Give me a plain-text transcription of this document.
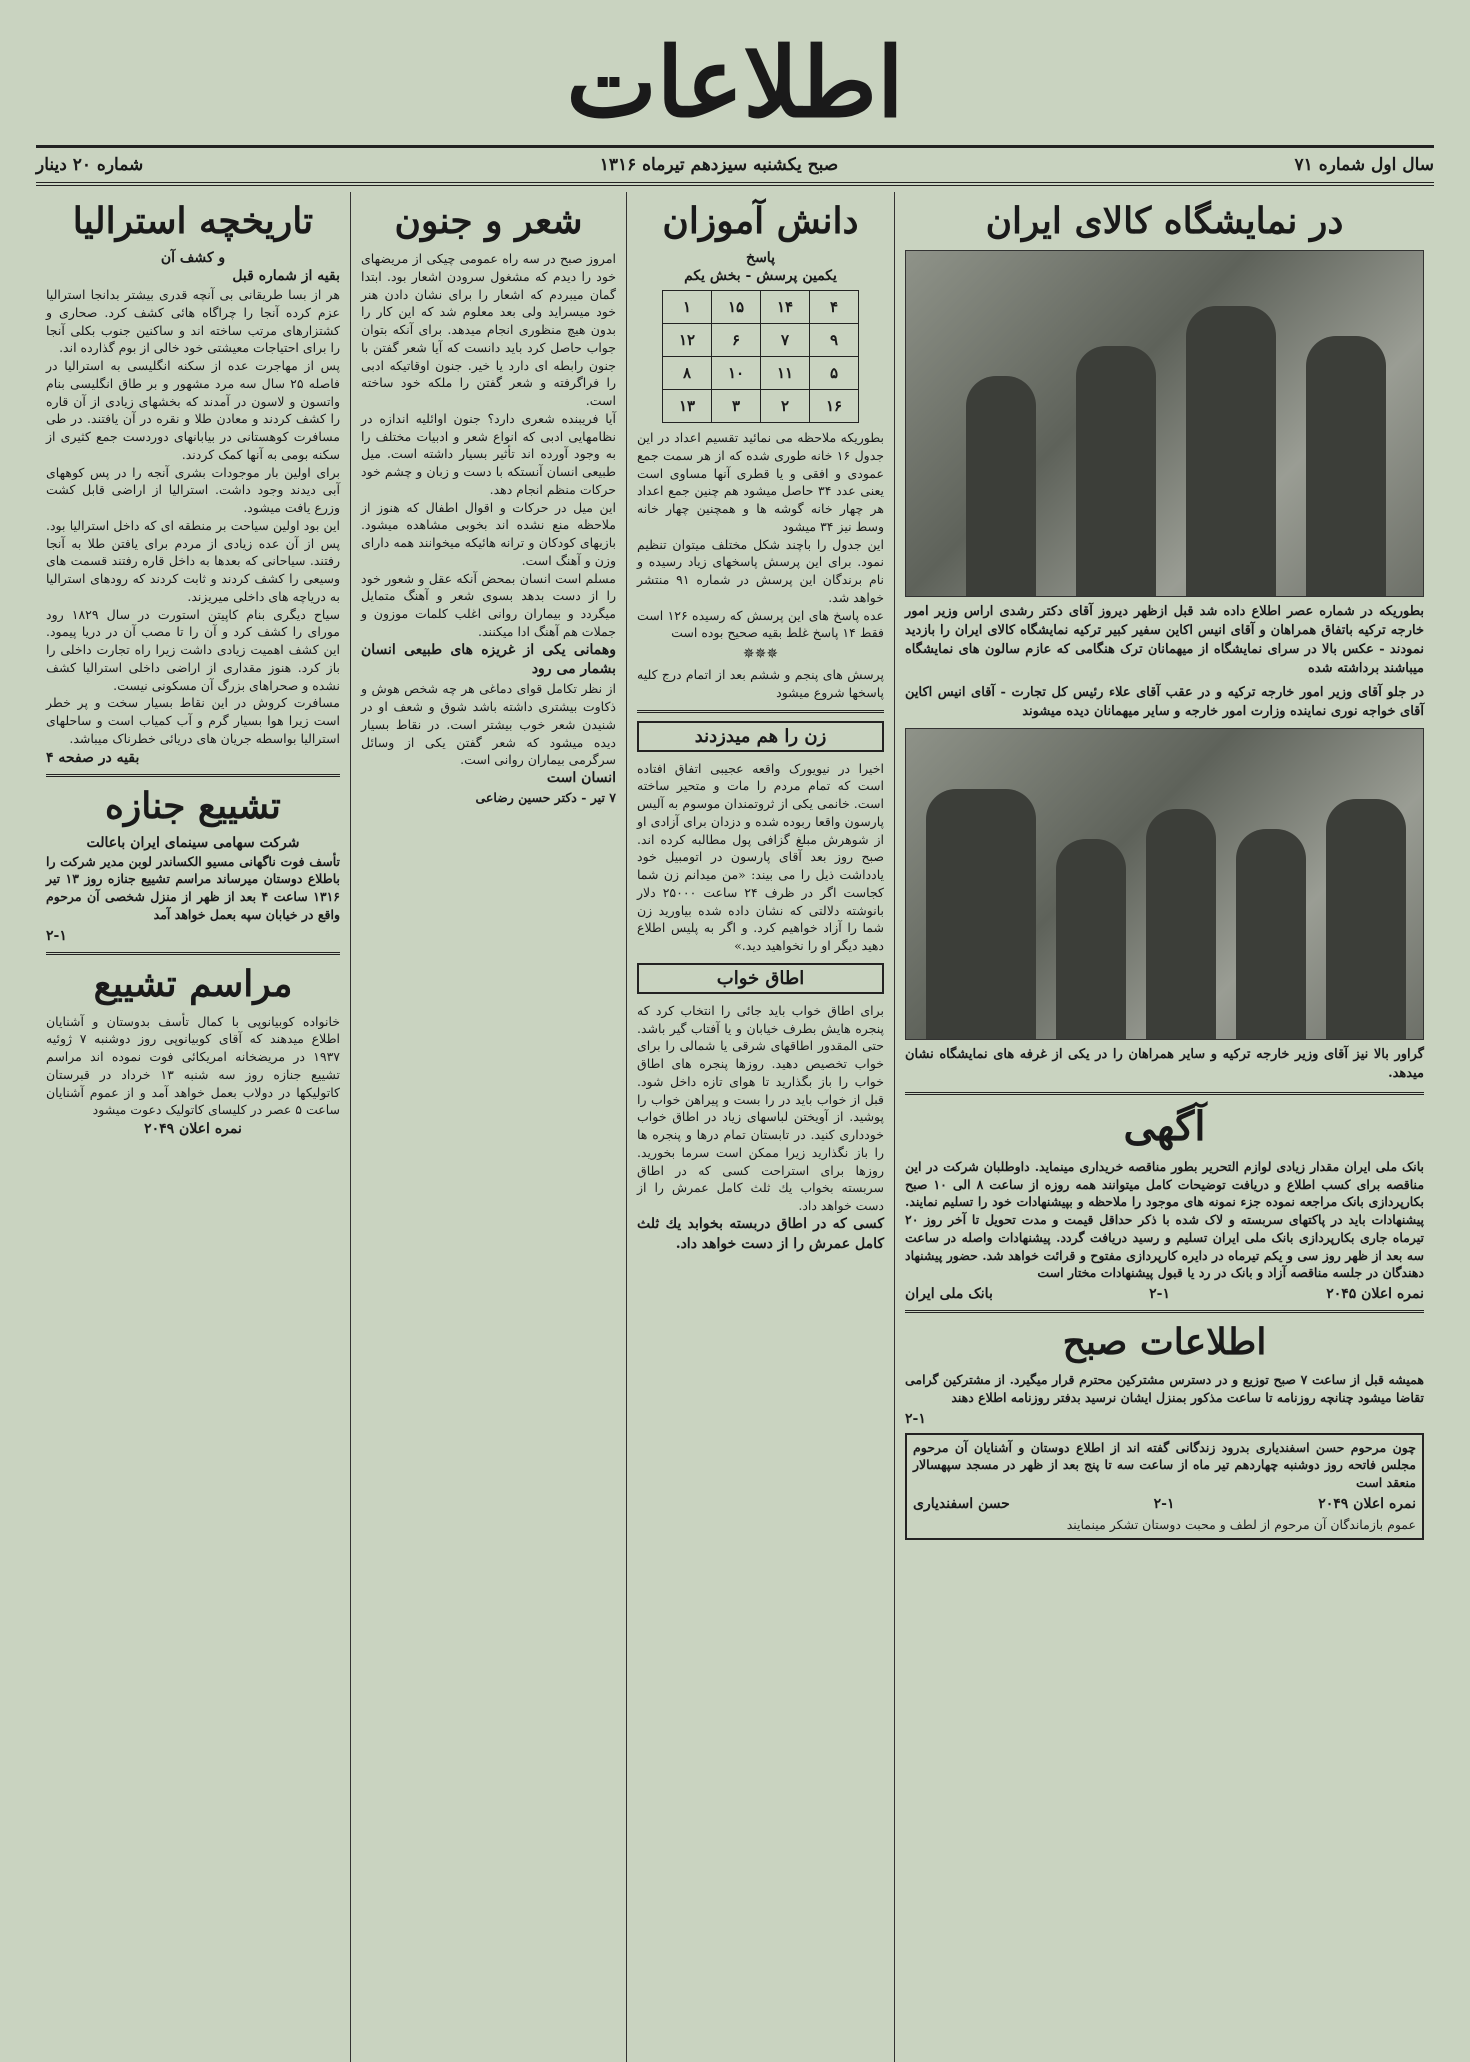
اطلاعات
سال اول شماره ۷۱
صبح یکشنبه سیزدهم تیرماه ۱۳۱۶
شماره ۲۰ دینار
در نمایشگاه کالای ایران

بطوریکه در شماره عصر اطلاع داده شد قبل ازظهر دیروز آقای دکتر رشدی اراس وزیر امور خارجه ترکیه باتفاق همراهان و آقای انیس اکاین سفیر کبیر ترکیه نمایشگاه کالای ایران را بازدید نمودند - عکس بالا در سرای نمایشگاه از میهمانان ترک هنگامی که عازم سالون های نمایشگاه میباشند برداشته شده

در جلو آقای وزیر امور خارجه ترکیه و در عقب آقای علاء رئیس کل تجارت - آقای انیس اکاین آقای خواجه نوری نماینده وزارت امور خارجه و سایر میهمانان دیده میشوند

گراور بالا نیز آقای وزیر خارجه ترکیه و سایر همراهان را در یکی از غرفه های نمایشگاه نشان میدهد.

آگهی

بانک ملی ایران مقدار زیادی لوازم التحریر بطور مناقصه خریداری مینماید. داوطلبان شرکت در این مناقصه برای کسب اطلاع و دریافت توضیحات کامل میتوانند همه روزه از ساعت ۸ الی ۱۰ صبح بکارپردازی بانک مراجعه نموده جزء نمونه های موجود را ملاحظه و بپیشنهادات خود را تسلیم نمایند. پیشنهادات باید در پاکتهای سربسته و لاک شده با ذکر حداقل قیمت و مدت تحویل تا آخر روز ۲۰ تیرماه جاری بکارپردازی بانک ملی ایران تسلیم و رسید دریافت گردد. پیشنهادات واصله در ساعت سه بعد از ظهر روز سی و یکم تیرماه در دایره کارپردازی مفتوح و قرائت خواهد شد. حضور پیشنهاد دهندگان در جلسه مناقصه آزاد و بانک در رد یا قبول پیشنهادات مختار است

نمره اعلان ۲۰۴۵
۲-۱
بانک ملی ایران
اطلاعات صبح

همیشه قبل از ساعت ۷ صبح توزیع و در دسترس مشترکین محترم قرار میگیرد. از مشترکین گرامی تقاضا میشود چنانچه روزنامه تا ساعت مذکور بمنزل ایشان نرسید بدفتر روزنامه اطلاع دهند

۲-۱

چون مرحوم حسن اسفندیاری بدرود زندگانی گفته اند از اطلاع دوستان و آشنایان آن مرحوم مجلس فاتحه روز دوشنبه چهاردهم تیر ماه از ساعت سه تا پنج بعد از ظهر در مسجد سپهسالار منعقد است

نمره اعلان ۲۰۴۹
۲-۱
حسن اسفندیاری

عموم بازماندگان آن مرحوم از لطف و محبت دوستان تشکر مینمایند

دانش آموزان
پاسخ
یکمین پرسش - بخش یکم
۴	۱۴	۱۵	۱
۹	۷	۶	۱۲
۵	۱۱	۱۰	۸
۱۶	۲	۳	۱۳

بطوریکه ملاحظه می نمائید تقسیم اعداد در این جدول ۱۶ خانه طوری شده که از هر سمت جمع عمودی و افقی و یا قطری آنها مساوی است یعنی عدد ۳۴ حاصل میشود هم چنین جمع اعداد هر چهار خانه گوشه ها و همچنین چهار خانه وسط نیز ۳۴ میشود

این جدول را باچند شکل مختلف میتوان تنظیم نمود. برای این پرسش پاسخهای زیاد رسیده و نام برندگان این پرسش در شماره ۹۱ منتشر خواهد شد.

عده پاسخ های این پرسش که رسیده ۱۲۶ است فقط ۱۴ پاسخ غلط بقیه صحیح بوده است

✵✵✵

پرسش های پنجم و ششم بعد از اتمام درج کلیه پاسخها شروع میشود

زن را هم میدزدند

اخیرا در نیویورک واقعه عجیبی اتفاق افتاده است که تمام مردم را مات و متحیر ساخته است. خانمی یکی از ثروتمندان موسوم به آلیس پارسون واقعا ربوده شده و دزدان برای آزادی او از شوهرش مبلغ گزافی پول مطالبه کرده اند. صبح روز بعد آقای پارسون در اتومبیل خود یادداشت ذیل را می بیند: «من میدانم زن شما کجاست اگر در ظرف ۲۴ ساعت ۲۵۰۰۰ دلار بانوشته دلالتی که نشان داده شده بیاورید زن شما را آزاد خواهیم کرد. و اگر به پلیس اطلاع دهید دیگر او را نخواهید دید.»

اطاق خواب

برای اطاق خواب باید جائی را انتخاب کرد که پنجره هایش بطرف خیابان و یا آفتاب گیر باشد. حتی المقدور اطاقهای شرقی یا شمالی را برای خواب تخصیص دهید. روزها پنجره های اطاق خواب را باز بگذارید تا هوای تازه داخل شود. قبل از خواب باید در را بست و پیراهن خواب را پوشید. از آویختن لباسهای زیاد در اطاق خواب خودداری کنید. در تابستان تمام درها و پنجره ها را باز نگذارید زیرا ممکن است سرما بخورید. روزها برای استراحت کسی که در اطاق سربسته بخواب یك ثلث کامل عمرش را از دست خواهد داد.

کسی که در اطاق دربسته بخوابد یك ثلث کامل عمرش را از دست خواهد داد.

شعر و جنون

امروز صبح در سه راه عمومی چیکی از مریضهای خود را دیدم که مشغول سرودن اشعار بود. ابتدا گمان میبردم که اشعار را برای نشان دادن هنر خود میسراید ولی بعد معلوم شد که این کار را بدون هیچ منظوری انجام میدهد. برای آنکه بتوان جواب حاصل کرد باید دانست که آیا شعر گفتن با جنون رابطه ای دارد یا خیر. جنون اوقاتیکه ادبی را فراگرفته و شعر گفتن را ملکه خود ساخته است.

آیا فریبنده شعری دارد؟ جنون اوائلیه اندازه در نظامهایی ادبی که انواع شعر و ادبیات مختلف را به وجود آورده اند تأثیر بسیار داشته است. میل طبیعی انسان آنستکه با دست و زبان و چشم خود حرکات منظم انجام دهد.

این میل در حرکات و اقوال اطفال که هنوز از ملاحظه منع نشده اند بخوبی مشاهده میشود. بازیهای کودکان و ترانه هائیکه میخوانند همه دارای وزن و آهنگ است.

مسلم است انسان بمحض آنکه عقل و شعور خود را از دست بدهد بسوی شعر و آهنگ متمایل میگردد و بیماران روانی اغلب کلمات موزون و جملات هم آهنگ ادا میکنند.

وهمانی یکی از غریزه های طبیعی انسان بشمار می رود

از نظر تکامل قوای دماغی هر چه شخص هوش و ذکاوت بیشتری داشته باشد شوق و شعف او در شنیدن شعر خوب بیشتر است. در نقاط بسیار دیده میشود که شعر گفتن یکی از وسائل سرگرمی بیماران روانی است.

انسان است

۷ تیر - دکتر حسین رضاعی

تاریخچه استرالیا
و کشف آن
بقیه از شماره قبل

هر از بسا طریقانی بی آنچه قدری بیشتر بدانجا استرالیا عزم کرده آنجا را چراگاه هائی کشف کرد. صحاری و کشتزارهای مرتب ساخته اند و ساکنین جنوب بکلی آنجا را برای احتیاجات معیشتی خود خالی از بوم گذارده اند.

پس از مهاجرت عده از سکنه انگلیسی به استرالیا در فاصله ۲۵ سال سه مرد مشهور و بر طاق انگلیسی بنام واتسون و لاسون در آمدند که بخشهای زیادی از آن قاره را کشف کردند و معادن طلا و نقره در آن یافتند. در طی مسافرت کوهستانی در بیابانهای دوردست جمع کثیری از سکنه بومی به آنها کمک کردند.

برای اولین بار موجودات بشری آنجه را در پس کوههای آبی دیدند وجود داشت. استرالیا از اراضی قابل کشت وزرع یافت میشود.

این بود اولین سیاحت بر منطقه ای که داخل استرالیا بود. پس از آن عده زیادی از مردم برای یافتن طلا به آنجا رفتند. سیاحانی که بعدها به داخل قاره رفتند قسمت های وسیعی را کشف کردند و ثابت کردند که رودهای استرالیا به دریاچه های داخلی میریزند.

سیاح دیگری بنام کاپیتن استورت در سال ۱۸۲۹ رود مورای را کشف کرد و آن را تا مصب آن در دریا پیمود. این کشف اهمیت زیادی داشت زیرا راه تجارت داخلی را باز کرد. هنوز مقداری از اراضی داخلی استرالیا کشف نشده و صحراهای بزرگ آن مسکونی نیست.

مسافرت کروش در این نقاط بسیار سخت و پر خطر است زیرا هوا بسیار گرم و آب کمیاب است و ساحلهای استرالیا بواسطه جریان های دریائی خطرناک میباشد.

بقیه در صفحه ۴
تشییع جنازه
شرکت سهامی سینمای ایران باعالت

تأسف فوت ناگهانی مسیو الکساندر لوبن مدیر شرکت را باطلاع دوستان میرساند مراسم تشییع جنازه روز ۱۳ تیر ۱۳۱۶ ساعت ۴ بعد از ظهر از منزل شخصی آن مرحوم واقع در خیابان سپه بعمل خواهد آمد

۲-۱
مراسم تشییع

خانواده کوبیانوپی با کمال تأسف بدوستان و آشنایان اطلاع میدهند که آقای کوبیانوپی روز دوشنبه ۷ ژوئیه ۱۹۳۷ در مریضخانه امریکائی فوت نموده اند مراسم تشییع جنازه روز سه شنبه ۱۳ خرداد در قبرستان کاتولیکها در دولاب بعمل خواهد آمد و از عموم آشنایان ساعت ۵ عصر در کلیسای کاتولیک دعوت میشود

نمره اعلان ۲۰۴۹
